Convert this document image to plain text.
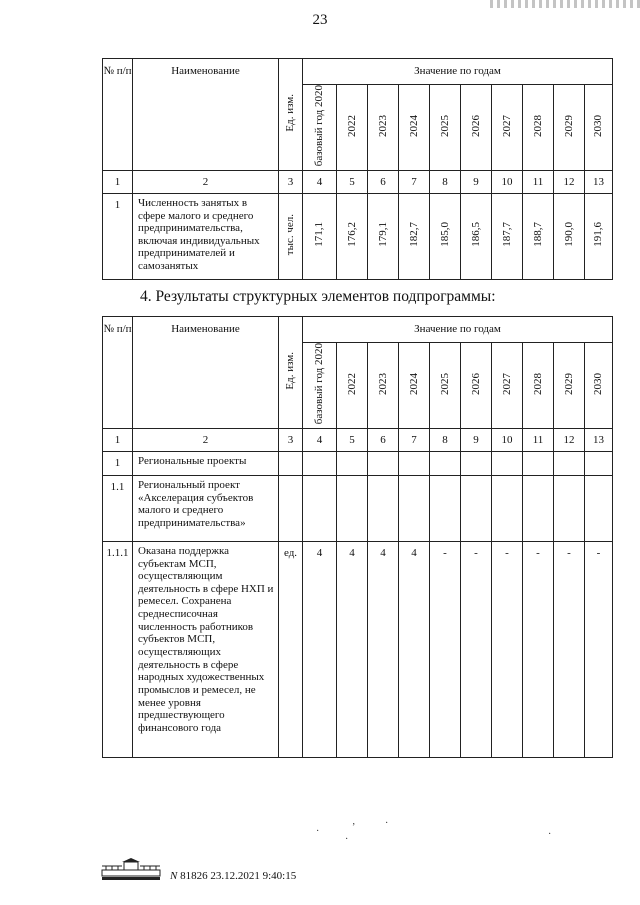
23
№ п/п	Наименование	Ед. изм.	Значение по годам									
			базовый год 2020	2022	2023	2024	2025	2026	2027	2028	2029	2030
1	2	3	4	5	6	7	8	9	10	11	12	13
1	Численность занятых в сфере малого и среднего предпринимательства, включая индивидуальных предпринимателей и самозанятых	тыс. чел.	171,1	176,2	179,1	182,7	185,0	186,5	187,7	188,7	190,0	191,6
4. Результаты структурных элементов подпрограммы:
№ п/п	Наименование	Ед. изм.	Значение по годам									
			базовый год 2020	2022	2023	2024	2025	2026	2027	2028	2029	2030
1	2	3	4	5	6	7	8	9	10	11	12	13
1	Региональные проекты											
1.1	Региональный проект «Акселерация субъектов малого и среднего предпринимательства»											
1.1.1	Оказана поддержка субъектам МСП, осуществляющим деятельность в сфере НХП и ремесел. Сохранена среднесписочная численность работников субъектов МСП, осуществляющих деятельность в сфере народных художественных промыслов и ремесел, не менее уровня предшествующего финансового года	ед.	4	4	4	4	-	-	-	-	-	-
·	ʼ	·
·	·
N 81826 23.12.2021 9:40:15
